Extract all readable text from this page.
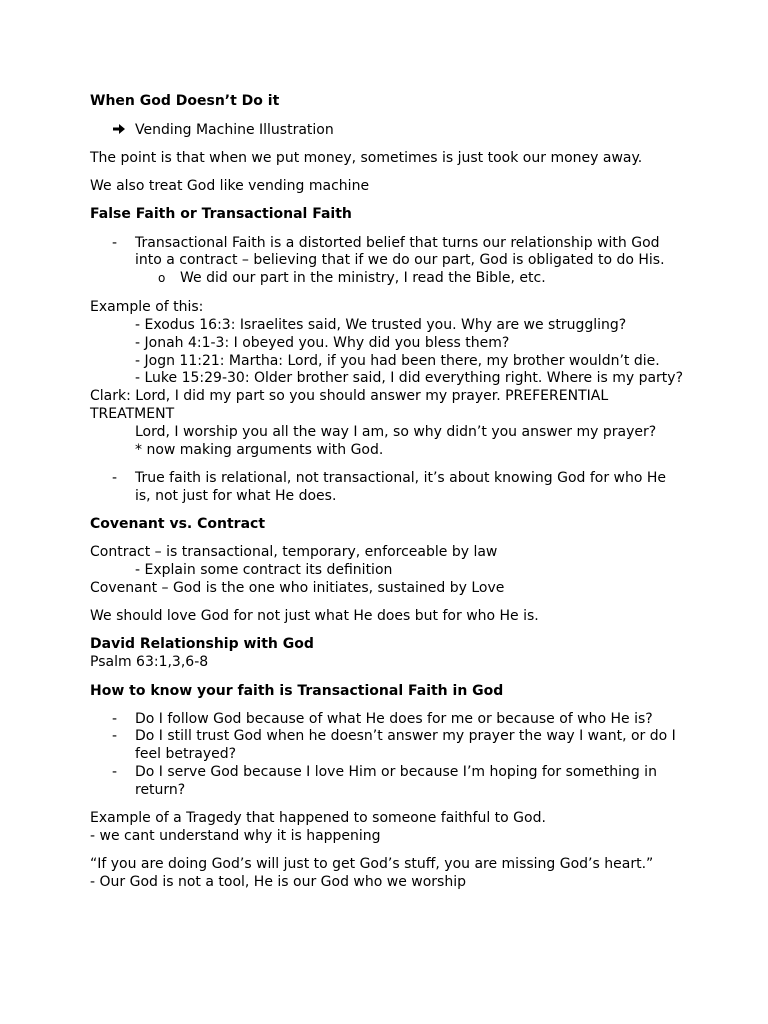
When God Doesn’t Do it
Vending Machine Illustration
The point is that when we put money, sometimes is just took our money away.
We also treat God like vending machine
False Faith or Transactional Faith
- Transactional Faith is a distorted belief that turns our relationship with God
into a contract – believing that if we do our part, God is obligated to do His.
o We did our part in the ministry, I read the Bible, etc.
Example of this:
- Exodus 16:3: Israelites said, We trusted you. Why are we struggling?
- Jonah 4:1-3: I obeyed you. Why did you bless them?
- Jogn 11:21: Martha: Lord, if you had been there, my brother wouldn’t die.
- Luke 15:29-30: Older brother said, I did everything right. Where is my party?
Clark: Lord, I did my part so you should answer my prayer. PREFERENTIAL
TREATMENT
Lord, I worship you all the way I am, so why didn’t you answer my prayer?
* now making arguments with God.
- True faith is relational, not transactional, it’s about knowing God for who He
is, not just for what He does.
Covenant vs. Contract
Contract – is transactional, temporary, enforceable by law
- Explain some contract its definition
Covenant – God is the one who initiates, sustained by Love
We should love God for not just what He does but for who He is.
David Relationship with God
Psalm 63:1,3,6-8
How to know your faith is Transactional Faith in God
- Do I follow God because of what He does for me or because of who He is?
- Do I still trust God when he doesn’t answer my prayer the way I want, or do I
feel betrayed?
- Do I serve God because I love Him or because I’m hoping for something in
return?
Example of a Tragedy that happened to someone faithful to God.
- we cant understand why it is happening
“If you are doing God’s will just to get God’s stuff, you are missing God’s heart.”
- Our God is not a tool, He is our God who we worship
